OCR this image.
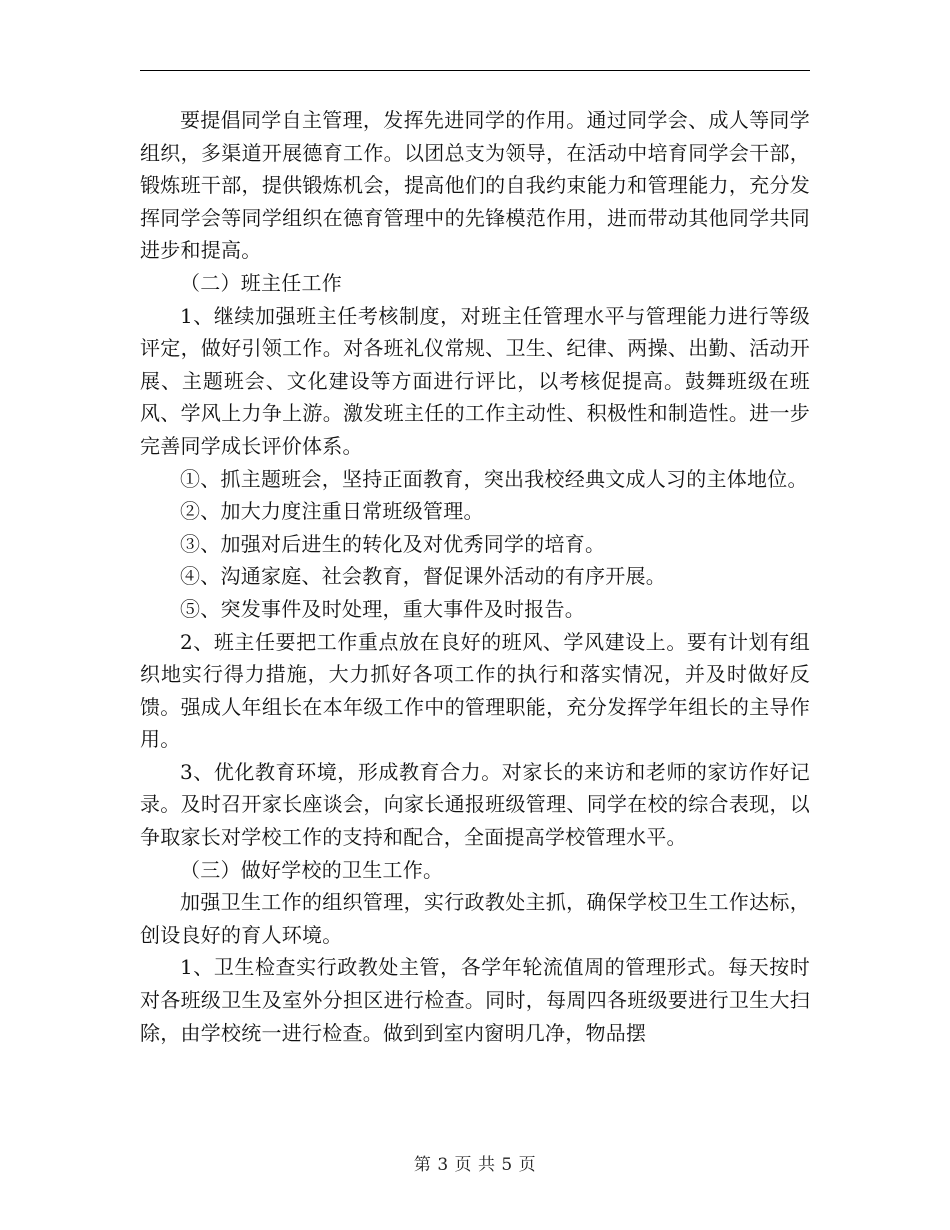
要提倡同学自主管理，发挥先进同学的作用。通过同学会、成人等同学组织，多渠道开展德育工作。以团总支为领导，在活动中培育同学会干部，锻炼班干部，提供锻炼机会，提高他们的自我约束能力和管理能力，充分发挥同学会等同学组织在德育管理中的先锋模范作用，进而带动其他同学共同进步和提高。

（二）班主任工作

1、继续加强班主任考核制度，对班主任管理水平与管理能力进行等级评定，做好引领工作。对各班礼仪常规、卫生、纪律、两操、出勤、活动开展、主题班会、文化建设等方面进行评比，以考核促提高。鼓舞班级在班风、学风上力争上游。激发班主任的工作主动性、积极性和制造性。进一步完善同学成长评价体系。

①、抓主题班会，坚持正面教育，突出我校经典文成人习的主体地位。

②、加大力度注重日常班级管理。

③、加强对后进生的转化及对优秀同学的培育。

④、沟通家庭、社会教育，督促课外活动的有序开展。

⑤、突发事件及时处理，重大事件及时报告。

2、班主任要把工作重点放在良好的班风、学风建设上。要有计划有组织地实行得力措施，大力抓好各项工作的执行和落实情况，并及时做好反馈。强成人年组长在本年级工作中的管理职能，充分发挥学年组长的主导作用。

3、优化教育环境，形成教育合力。对家长的来访和老师的家访作好记录。及时召开家长座谈会，向家长通报班级管理、同学在校的综合表现，以争取家长对学校工作的支持和配合，全面提高学校管理水平。

（三）做好学校的卫生工作。

加强卫生工作的组织管理，实行政教处主抓，确保学校卫生工作达标，创设良好的育人环境。

1、卫生检查实行政教处主管，各学年轮流值周的管理形式。每天按时对各班级卫生及室外分担区进行检查。同时，每周四各班级要进行卫生大扫除，由学校统一进行检查。做到到室内窗明几净，物品摆

第 3 页 共 5 页
